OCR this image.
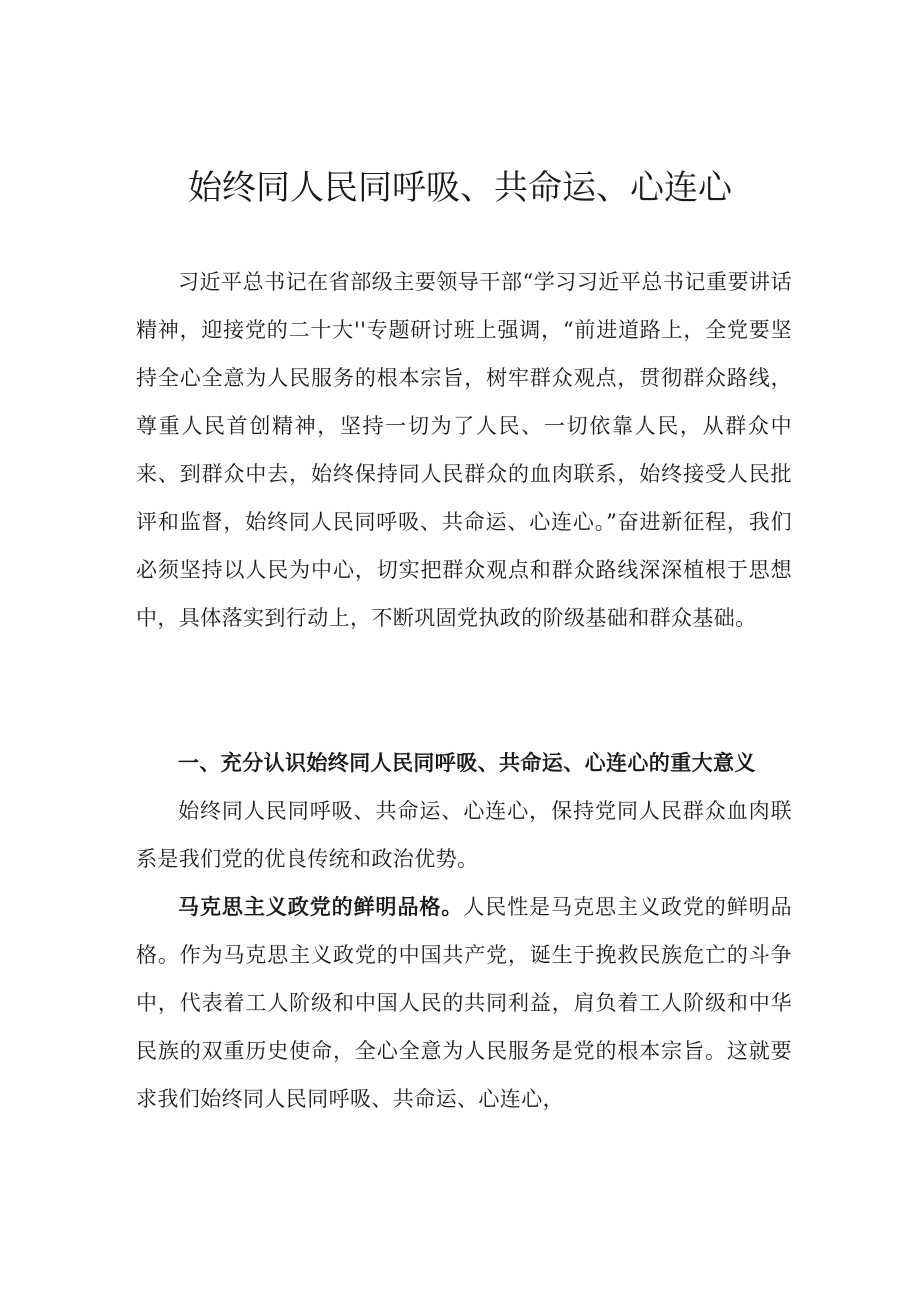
始终同人民同呼吸、共命运、心连心

习近平总书记在省部级主要领导干部“学习习近平总书记重要讲话精神，迎接党的二十大''专题研讨班上强调，“前进道路上，全党要坚持全心全意为人民服务的根本宗旨，树牢群众观点，贯彻群众路线，尊重人民首创精神，坚持一切为了人民、一切依靠人民，从群众中来、到群众中去，始终保持同人民群众的血肉联系，始终接受人民批评和监督，始终同人民同呼吸、共命运、心连心。”奋进新征程，我们必须坚持以人民为中心，切实把群众观点和群众路线深深植根于思想中，具体落实到行动上，不断巩固党执政的阶级基础和群众基础。

一、充分认识始终同人民同呼吸、共命运、心连心的重大意义

始终同人民同呼吸、共命运、心连心，保持党同人民群众血肉联系是我们党的优良传统和政治优势。

马克思主义政党的鲜明品格。人民性是马克思主义政党的鲜明品格。作为马克思主义政党的中国共产党，诞生于挽救民族危亡的斗争中，代表着工人阶级和中国人民的共同利益，肩负着工人阶级和中华民族的双重历史使命，全心全意为人民服务是党的根本宗旨。这就要求我们始终同人民同呼吸、共命运、心连心，
